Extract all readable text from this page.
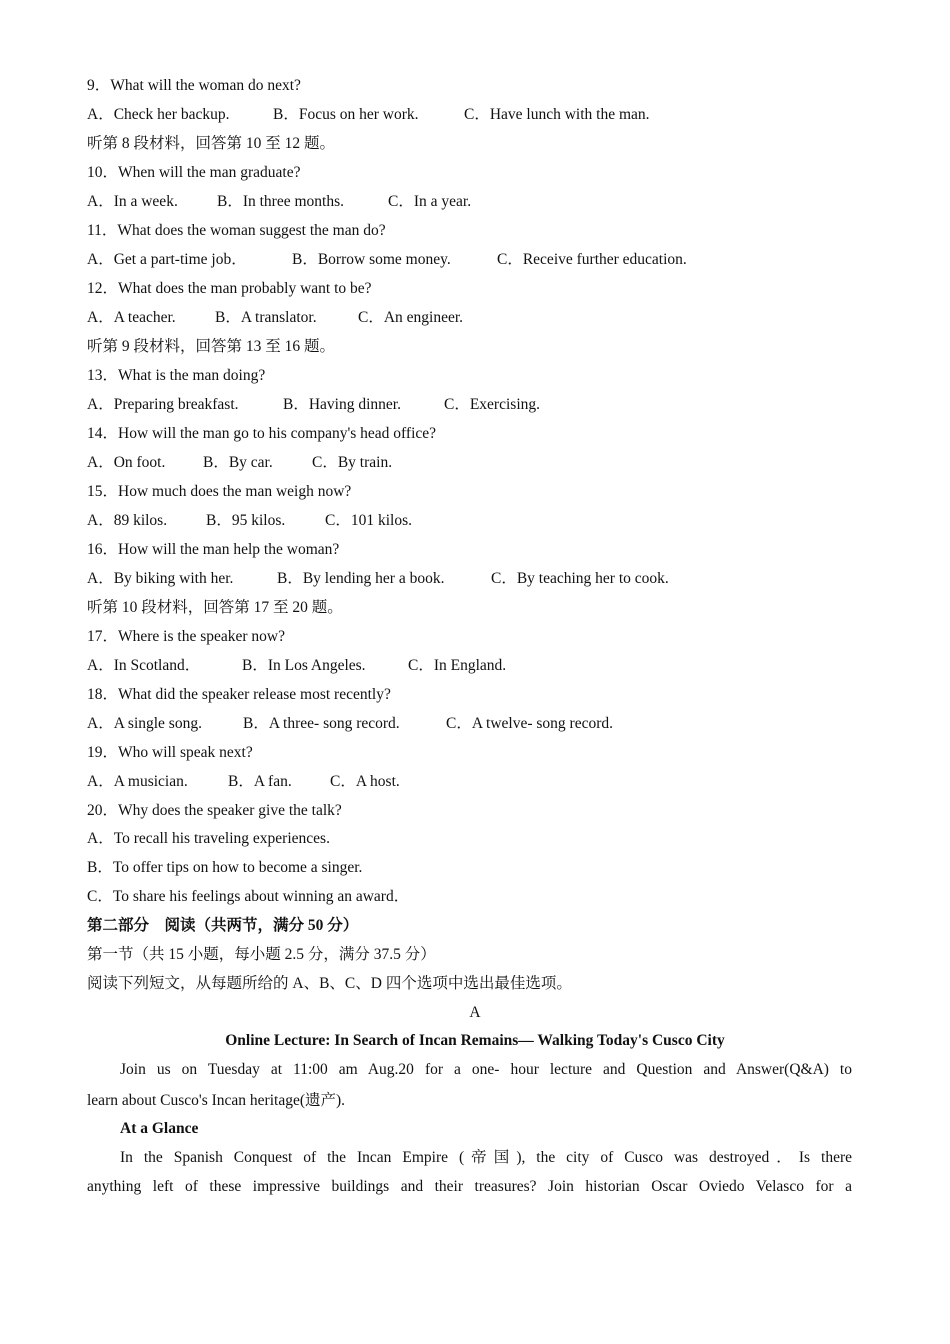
9．What will the woman do next?
A．Check her backup.	B．Focus on her work.	C．Have lunch with the man.
听第 8 段材料，回答第 10 至 12 题。
10．When will the man graduate?
A．In a week.	B．In three months.	C．In a year.
11．What does the woman suggest the man do?
A．Get a part-time job．	B．Borrow some money.	C．Receive further education.
12．What does the man probably want to be?
A．A teacher.	B．A translator.	C．An engineer.
听第 9 段材料，回答第 13 至 16 题。
13．What is the man doing?
A．Preparing breakfast.	B．Having dinner.	C．Exercising.
14．How will the man go to his company's head office?
A．On foot. B．By car.	C．By train.
15．How much does the man weigh now?
A．89 kilos.	B．95 kilos.	C．101 kilos.
16．How will the man help the woman?
A．By biking with her.	B．By lending her a book.	C．By teaching her to cook.
听第 10 段材料，回答第 17 至 20 题。
17．Where is the speaker now?
A．In Scotland．	B．In Los Angeles.	C．In England.
18．What did the speaker release most recently?
A．A single song.	B．A three- song record.	C．A twelve- song record.
19．Who will speak next?
A．A musician.	B．A fan. C．A host.
20．Why does the speaker give the talk?
A．To recall his traveling experiences.
B．To offer tips on how to become a singer.
C．To share his feelings about winning an award．
第二部分　阅读（共两节，满分 50 分）
第一节（共 15 小题，每小题 2.5 分，满分 37.5 分）
阅读下列短文，从每题所给的 A、B、C、D 四个选项中选出最佳选项。
A
Online Lecture: In Search of Incan Remains— Walking Today's Cusco City
Join us on Tuesday at 11:00 am Aug.20 for a one- hour lecture and Question and Answer(Q&A) to
learn about Cusco's Incan heritage(遗产).
At a Glance
In the Spanish Conquest of the Incan Empire (帝国), the city of Cusco was destroyed．Is there
anything left of these impressive buildings and their treasures? Join historian Oscar Oviedo Velasco for a
